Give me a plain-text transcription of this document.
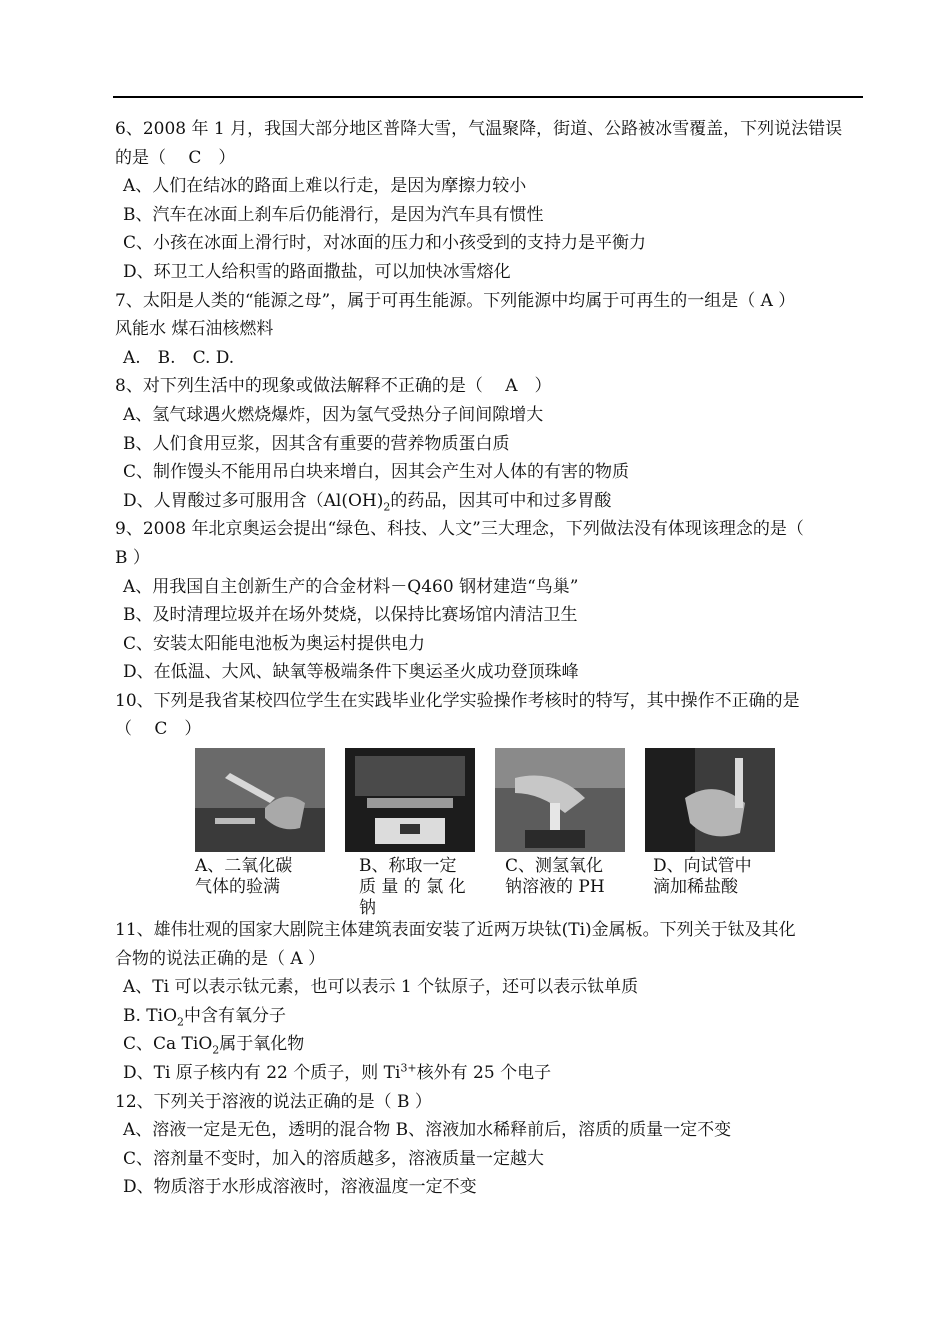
6、2008 年 1 月，我国大部分地区普降大雪，气温聚降，街道、公路被冰雪覆盖，下列说法错误
的是（　 C　）
A、人们在结冰的路面上难以行走，是因为摩擦力较小
B、汽车在冰面上刹车后仍能滑行，是因为汽车具有惯性
C、小孩在冰面上滑行时，对冰面的压力和小孩受到的支持力是平衡力
D、环卫工人给积雪的路面撒盐，可以加快冰雪熔化
7、太阳是人类的“能源之母”，属于可再生能源。下列能源中均属于可再生的一组是（ A ）
风能水 煤石油核燃料
A.　B.　C. D.
8、对下列生活中的现象或做法解释不正确的是（　 A　）
A、氢气球遇火燃烧爆炸，因为氢气受热分子间间隙增大
B、人们食用豆浆，因其含有重要的营养物质蛋白质
C、制作馒头不能用吊白块来增白，因其会产生对人体的有害的物质
D、人胃酸过多可服用含（$Al(OH)_2$的药品，因其可中和过多胃酸
9、2008 年北京奥运会提出“绿色、科技、人文”三大理念，下列做法没有体现该理念的是（
B ）
A、用我国自主创新生产的合金材料－Q460 钢材建造“鸟巢”
B、及时清理垃圾并在场外焚烧，以保持比赛场馆内清洁卫生
C、安装太阳能电池板为奥运村提供电力
D、在低温、大风、缺氧等极端条件下奥运圣火成功登顶珠峰
10、下列是我省某校四位学生在实践毕业化学实验操作考核时的特写，其中操作不正确的是
（　 C　）
A、二氧化碳
气体的验满
B、称取一定
质 量 的 氯 化
钠
C、测氢氧化
钠溶液的 PH
D、向试管中
滴加稀盐酸
11、雄伟壮观的国家大剧院主体建筑表面安装了近两万块钛(Ti)金属板。下列关于钛及其化
合物的说法正确的是（ A ）
A、Ti 可以表示钛元素，也可以表示 1 个钛原子，还可以表示钛单质
B. TiO$_2$中含有氧分子
C、Ca TiO$_2$属于氧化物
D、Ti 原子核内有 22 个质子，则 $Ti^{3+}$核外有 25 个电子
12、下列关于溶液的说法正确的是（ B ）
A、溶液一定是无色，透明的混合物 B、溶液加水稀释前后，溶质的质量一定不变
C、溶剂量不变时，加入的溶质越多，溶液质量一定越大
D、物质溶于水形成溶液时，溶液温度一定不变
